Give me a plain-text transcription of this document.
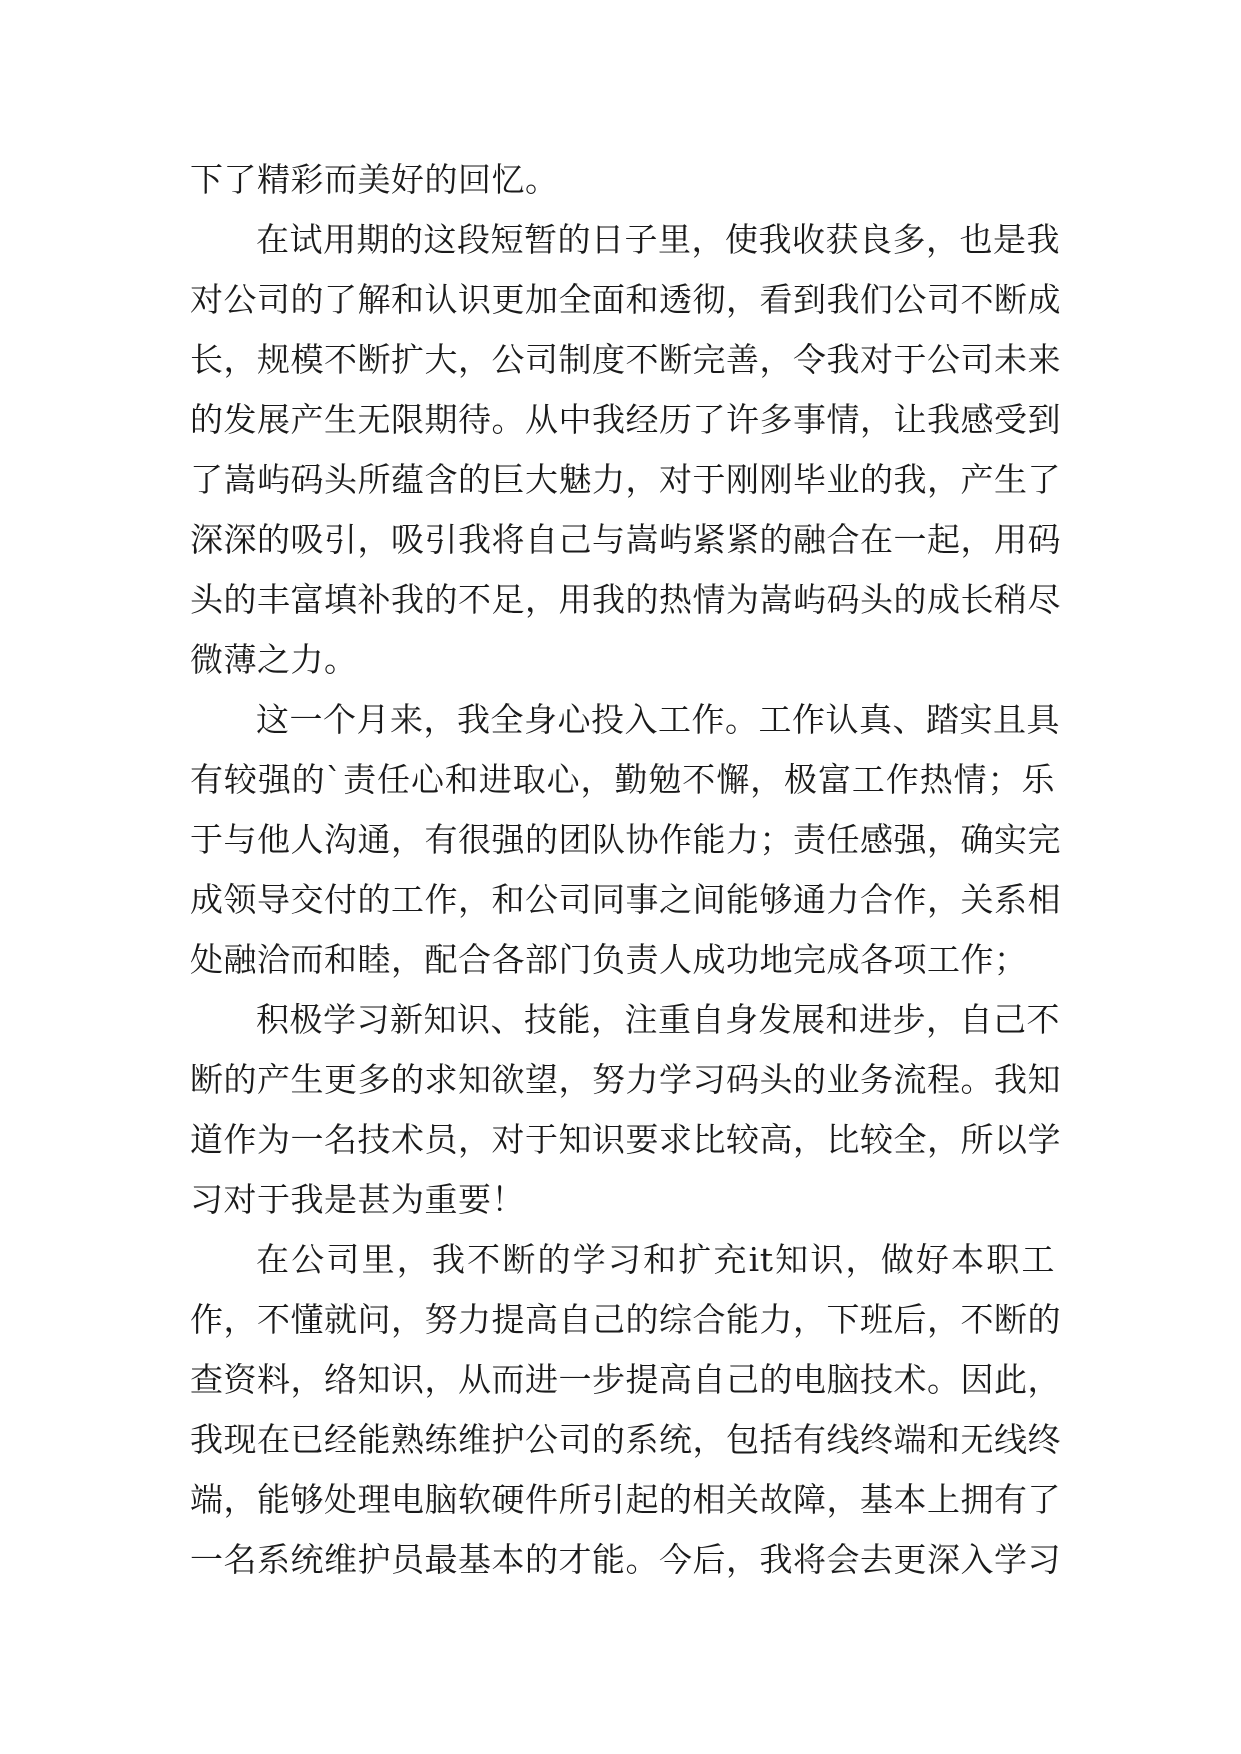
下了精彩而美好的回忆。
在试用期的这段短暂的日子里，使我收获良多，也是我
对公司的了解和认识更加全面和透彻，看到我们公司不断成
长，规模不断扩大，公司制度不断完善，令我对于公司未来
的发展产生无限期待。从中我经历了许多事情，让我感受到
了嵩屿码头所蕴含的巨大魅力，对于刚刚毕业的我，产生了
深深的吸引，吸引我将自己与嵩屿紧紧的融合在一起，用码
头的丰富填补我的不足，用我的热情为嵩屿码头的成长稍尽
微薄之力。
这一个月来，我全身心投入工作。工作认真、踏实且具
有较强的`责任心和进取心，勤勉不懈，极富工作热情；乐
于与他人沟通，有很强的团队协作能力；责任感强，确实完
成领导交付的工作，和公司同事之间能够通力合作，关系相
处融洽而和睦，配合各部门负责人成功地完成各项工作；
积极学习新知识、技能，注重自身发展和进步，自己不
断的产生更多的求知欲望，努力学习码头的业务流程。我知
道作为一名技术员，对于知识要求比较高，比较全，所以学
习对于我是甚为重要！
在公司里，我不断的学习和扩充it知识，做好本职工
作，不懂就问，努力提高自己的综合能力，下班后，不断的
查资料，络知识，从而进一步提高自己的电脑技术。因此，
我现在已经能熟练维护公司的系统，包括有线终端和无线终
端，能够处理电脑软硬件所引起的相关故障，基本上拥有了
一名系统维护员最基本的才能。今后，我将会去更深入学习
